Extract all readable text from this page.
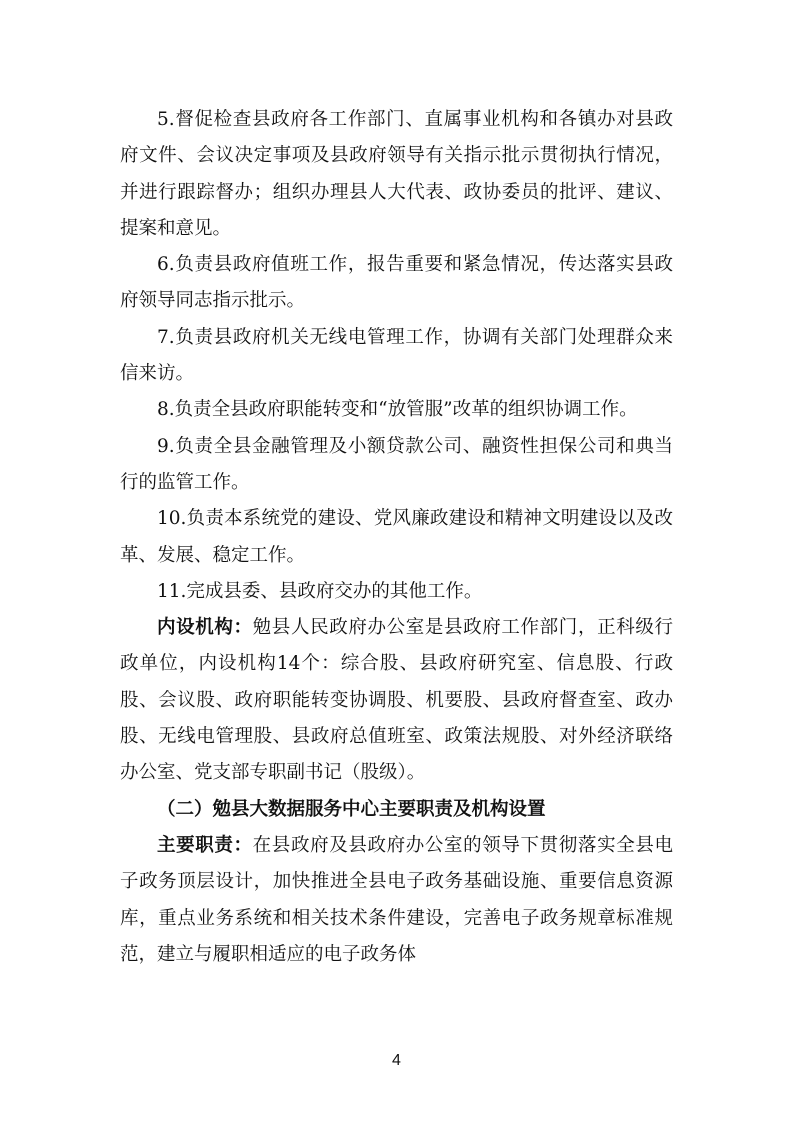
5.督促检查县政府各工作部门、直属事业机构和各镇办对县政府文件、会议决定事项及县政府领导有关指示批示贯彻执行情况，并进行跟踪督办；组织办理县人大代表、政协委员的批评、建议、提案和意见。

6.负责县政府值班工作，报告重要和紧急情况，传达落实县政府领导同志指示批示。

7.负责县政府机关无线电管理工作，协调有关部门处理群众来信来访。

8.负责全县政府职能转变和“放管服”改革的组织协调工作。

9.负责全县金融管理及小额贷款公司、融资性担保公司和典当行的监管工作。

10.负责本系统党的建设、党风廉政建设和精神文明建设以及改革、发展、稳定工作。

11.完成县委、县政府交办的其他工作。

内设机构：勉县人民政府办公室是县政府工作部门，正科级行政单位，内设机构14个：综合股、县政府研究室、信息股、行政股、会议股、政府职能转变协调股、机要股、县政府督查室、政办股、无线电管理股、县政府总值班室、政策法规股、对外经济联络办公室、党支部专职副书记（股级）。

（二）勉县大数据服务中心主要职责及机构设置

主要职责：在县政府及县政府办公室的领导下贯彻落实全县电子政务顶层设计，加快推进全县电子政务基础设施、重要信息资源库，重点业务系统和相关技术条件建设，完善电子政务规章标准规范，建立与履职相适应的电子政务体

4
